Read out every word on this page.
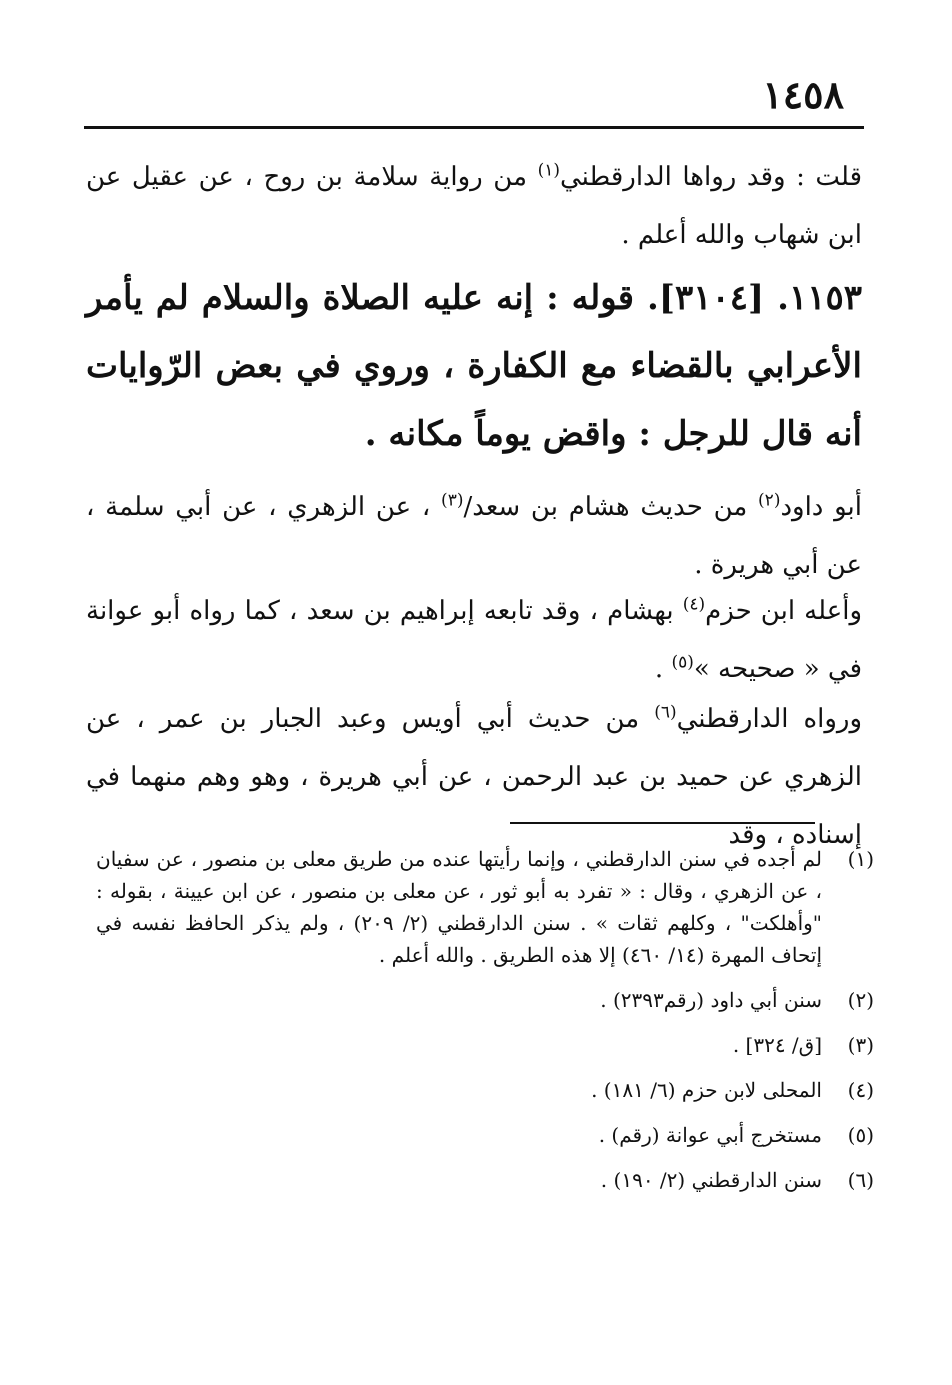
١٤٥٨

قلت : وقد رواها الدارقطني$^{(١)}$ من رواية سلامة بن روح ، عن عقيل عن ابن شهاب والله أعلم .

١١٥٣. [٣١٠٤]. قوله : إنه عليه الصلاة والسلام لم يأمر الأعرابي بالقضاء مع الكفارة ، وروي في بعض الرّوايات أنه قال للرجل : واقض يوماً مكانه .

أبو داود$^{(٢)}$ من حديث هشام بن سعد/$^{(٣)}$ ، عن الزهري ، عن أبي سلمة ، عن أبي هريرة .

وأعله ابن حزم$^{(٤)}$ بهشام ، وقد تابعه إبراهيم بن سعد ، كما رواه أبو عوانة في « صحيحه »$^{(٥)}$ .

ورواه الدارقطني$^{(٦)}$ من حديث أبي أويس وعبد الجبار بن عمر ، عن الزهري عن حميد بن عبد الرحمن ، عن أبي هريرة ، وهو وهم منهما في إسناده ، وقد

(١)
لم أجده في سنن الدارقطني ، وإنما رأيتها عنده من طريق معلى بن منصور ، عن سفيان ، عن الزهري ، وقال : « تفرد به أبو ثور ، عن معلى بن منصور ، عن ابن عيينة ، بقوله : "وأهلكت" ، وكلهم ثقات » . سنن الدارقطني (٢/ ٢٠٩) ، ولم يذكر الحافظ نفسه في إتحاف المهرة (١٤/ ٤٦٠) إلا هذه الطريق . والله أعلم .
(٢)
سنن أبي داود (رقم٢٣٩٣) .
(٣)
[ق/ ٣٢٤] .
(٤)
المحلى لابن حزم (٦/ ١٨١) .
(٥)
مستخرج أبي عوانة (رقم) .
(٦)
سنن الدارقطني (٢/ ١٩٠) .
